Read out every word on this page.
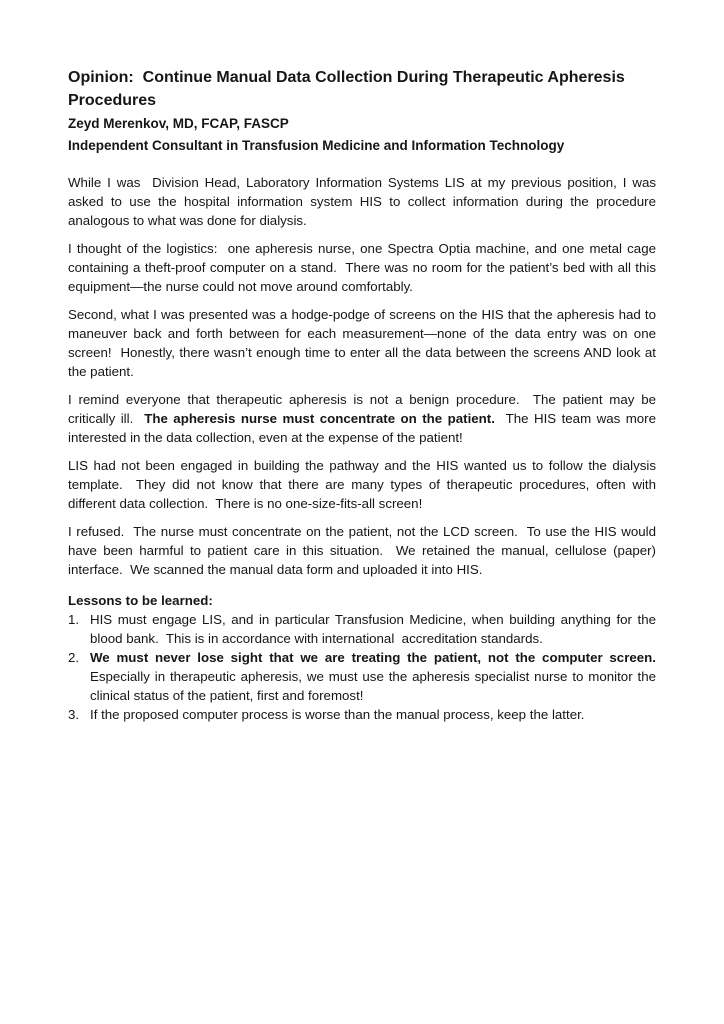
Opinion:  Continue Manual Data Collection During Therapeutic Apheresis Procedures

Zeyd Merenkov, MD, FCAP, FASCP

Independent Consultant in Transfusion Medicine and Information Technology

While I was  Division Head, Laboratory Information Systems LIS at my previous position, I was asked to use the hospital information system HIS to collect information during the procedure analogous to what was done for dialysis.

I thought of the logistics:  one apheresis nurse, one Spectra Optia machine, and one metal cage containing a theft-proof computer on a stand.  There was no room for the patient’s bed with all this equipment—the nurse could not move around comfortably.

Second, what I was presented was a hodge-podge of screens on the HIS that the apheresis had to maneuver back and forth between for each measurement—none of the data entry was on one screen!  Honestly, there wasn’t enough time to enter all the data between the screens AND look at the patient.

I remind everyone that therapeutic apheresis is not a benign procedure.  The patient may be critically ill.  The apheresis nurse must concentrate on the patient.  The HIS team was more interested in the data collection, even at the expense of the patient!

LIS had not been engaged in building the pathway and the HIS wanted us to follow the dialysis template.  They did not know that there are many types of therapeutic procedures, often with different data collection.  There is no one-size-fits-all screen!

I refused.  The nurse must concentrate on the patient, not the LCD screen.  To use the HIS would have been harmful to patient care in this situation.  We retained the manual, cellulose (paper) interface.  We scanned the manual data form and uploaded it into HIS.

Lessons to be learned:

1. HIS must engage LIS, and in particular Transfusion Medicine, when building anything for the blood bank.  This is in accordance with international  accreditation standards.
2. We must never lose sight that we are treating the patient, not the computer screen. Especially in therapeutic apheresis, we must use the apheresis specialist nurse to monitor the clinical status of the patient, first and foremost!
3. If the proposed computer process is worse than the manual process, keep the latter.
